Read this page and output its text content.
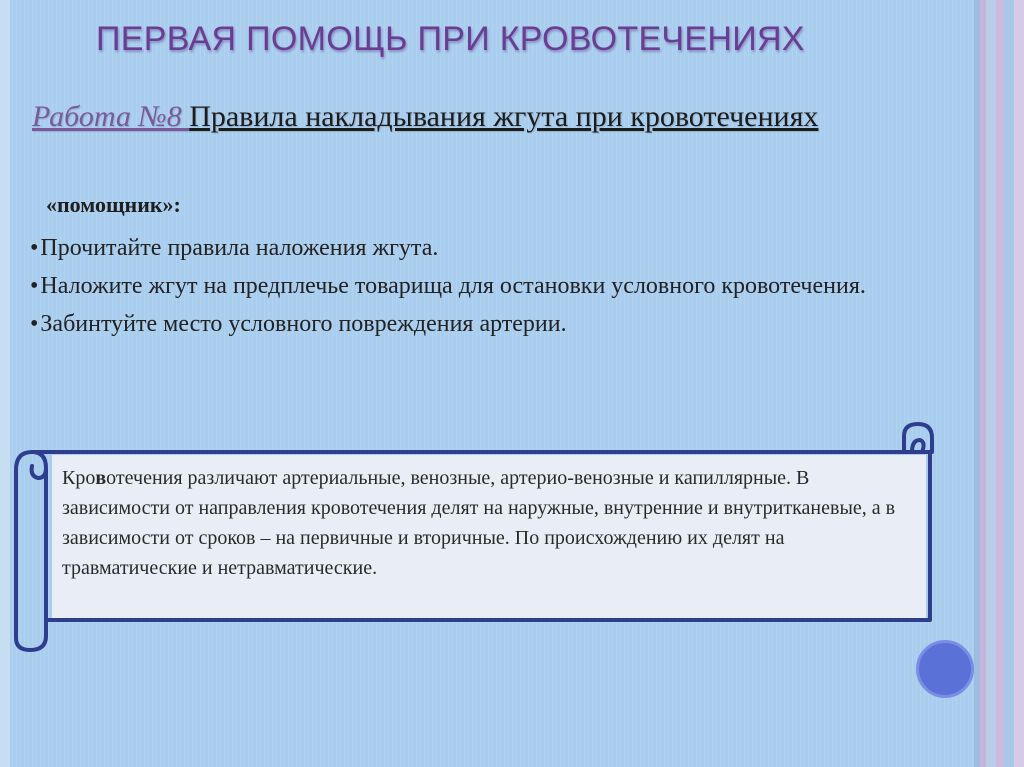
ПЕРВАЯ ПОМОЩЬ ПРИ КРОВОТЕЧЕНИЯХ

Работа №8 Правила накладывания жгута при кровотечениях

«помощник»:

•Прочитайте правила наложения жгута.
•Наложите жгут на предплечье товарища для остановки условного кровотечения.
•Забинтуйте место условного повреждения артерии.
Кровотечения различают артериальные, венозные, артерио-венозные и капиллярные. В зависимости от направления кровотечения делят на наружные, внутренние и внутритканевые, а в зависимости от сроков – на первичные и вторичные. По происхождению их делят на травматические и нетравматические.
